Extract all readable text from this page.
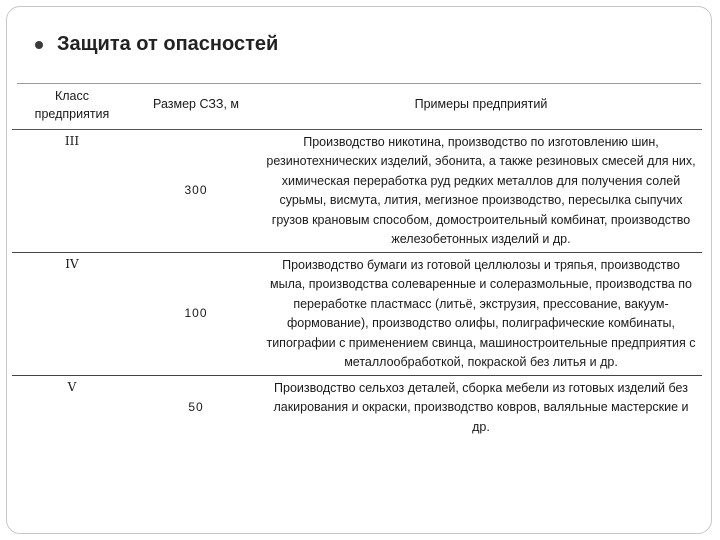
Защита от опасностей
Класс предприятия	Размер СЗЗ, м	Примеры предприятий
III	300	Производство никотина, производство по изготовлению шин, резинотехнических изделий, эбонита, а также резиновых смесей для них, химическая переработка руд редких металлов для получения солей сурьмы, висмута, лития, мегизное производство, пересылка сыпучих грузов крановым способом, домостроительный комбинат, производство железобетонных изделий и др.
IV	100	Производство бумаги из готовой целлюлозы и тряпья, производство мыла, производства солеваренные и солеразмольные, производства по переработке пластмасс (литьё, экструзия, прессование, вакуум-формование), производство олифы, полиграфические комбинаты, типографии с применением свинца, машиностроительные предприятия с металлообработкой, покраской без литья и др.
V	50	Производство сельхоз деталей, сборка мебели из готовых изделий без лакирования и окраски, производство ковров, валяльные мастерские и др.
